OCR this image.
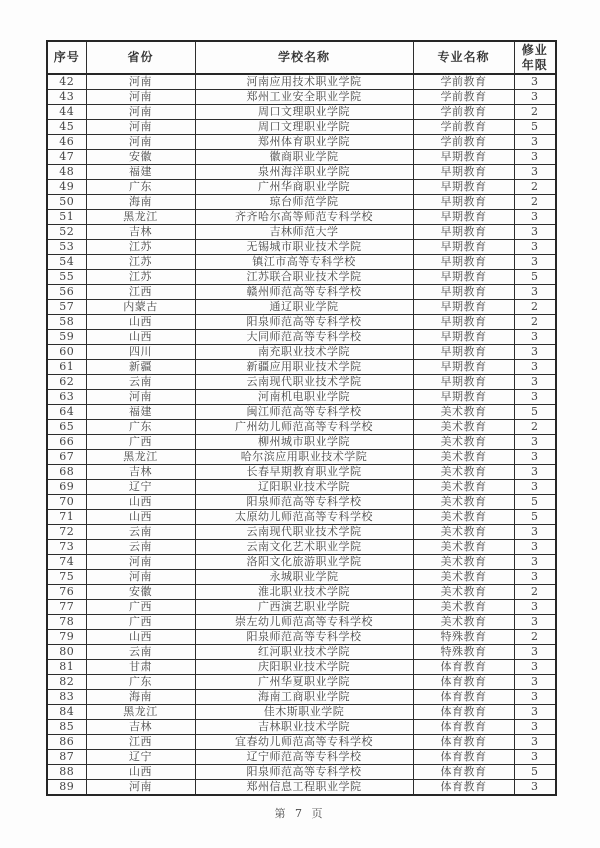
序号	省份	学校名称	专业名称	修业
年限

42	河南	河南应用技术职业学院	学前教育	3
43	河南	郑州工业安全职业学院	学前教育	3
44	河南	周口文理职业学院	学前教育	2
45	河南	周口文理职业学院	学前教育	5
46	河南	郑州体育职业学院	学前教育	3
47	安徽	徽商职业学院	早期教育	3
48	福建	泉州海洋职业学院	早期教育	3
49	广东	广州华商职业学院	早期教育	2
50	海南	琼台师范学院	早期教育	2
51	黑龙江	齐齐哈尔高等师范专科学校	早期教育	3
52	吉林	吉林师范大学	早期教育	3
53	江苏	无锡城市职业技术学院	早期教育	3
54	江苏	镇江市高等专科学校	早期教育	3
55	江苏	江苏联合职业技术学院	早期教育	5
56	江西	赣州师范高等专科学校	早期教育	3
57	内蒙古	通辽职业学院	早期教育	2
58	山西	阳泉师范高等专科学校	早期教育	2
59	山西	大同师范高等专科学校	早期教育	3
60	四川	南充职业技术学院	早期教育	3
61	新疆	新疆应用职业技术学院	早期教育	3
62	云南	云南现代职业技术学院	早期教育	3
63	河南	河南机电职业学院	早期教育	3
64	福建	闽江师范高等专科学校	美术教育	5
65	广东	广州幼儿师范高等专科学校	美术教育	2
66	广西	柳州城市职业学院	美术教育	3
67	黑龙江	哈尔滨应用职业技术学院	美术教育	3
68	吉林	长春早期教育职业学院	美术教育	3
69	辽宁	辽阳职业技术学院	美术教育	3
70	山西	阳泉师范高等专科学校	美术教育	5
71	山西	太原幼儿师范高等专科学校	美术教育	5
72	云南	云南现代职业技术学院	美术教育	3
73	云南	云南文化艺术职业学院	美术教育	3
74	河南	洛阳文化旅游职业学院	美术教育	3
75	河南	永城职业学院	美术教育	3
76	安徽	淮北职业技术学院	美术教育	2
77	广西	广西演艺职业学院	美术教育	3
78	广西	崇左幼儿师范高等专科学校	美术教育	3
79	山西	阳泉师范高等专科学校	特殊教育	2
80	云南	红河职业技术学院	特殊教育	3
81	甘肃	庆阳职业技术学院	体育教育	3
82	广东	广州华夏职业学院	体育教育	3
83	海南	海南工商职业学院	体育教育	3
84	黑龙江	佳木斯职业学院	体育教育	3
85	吉林	吉林职业技术学院	体育教育	3
86	江西	宜春幼儿师范高等专科学校	体育教育	3
87	辽宁	辽宁师范高等专科学校	体育教育	3
88	山西	阳泉师范高等专科学校	体育教育	5
89	河南	郑州信息工程职业学院	体育教育	3
第 7 页
